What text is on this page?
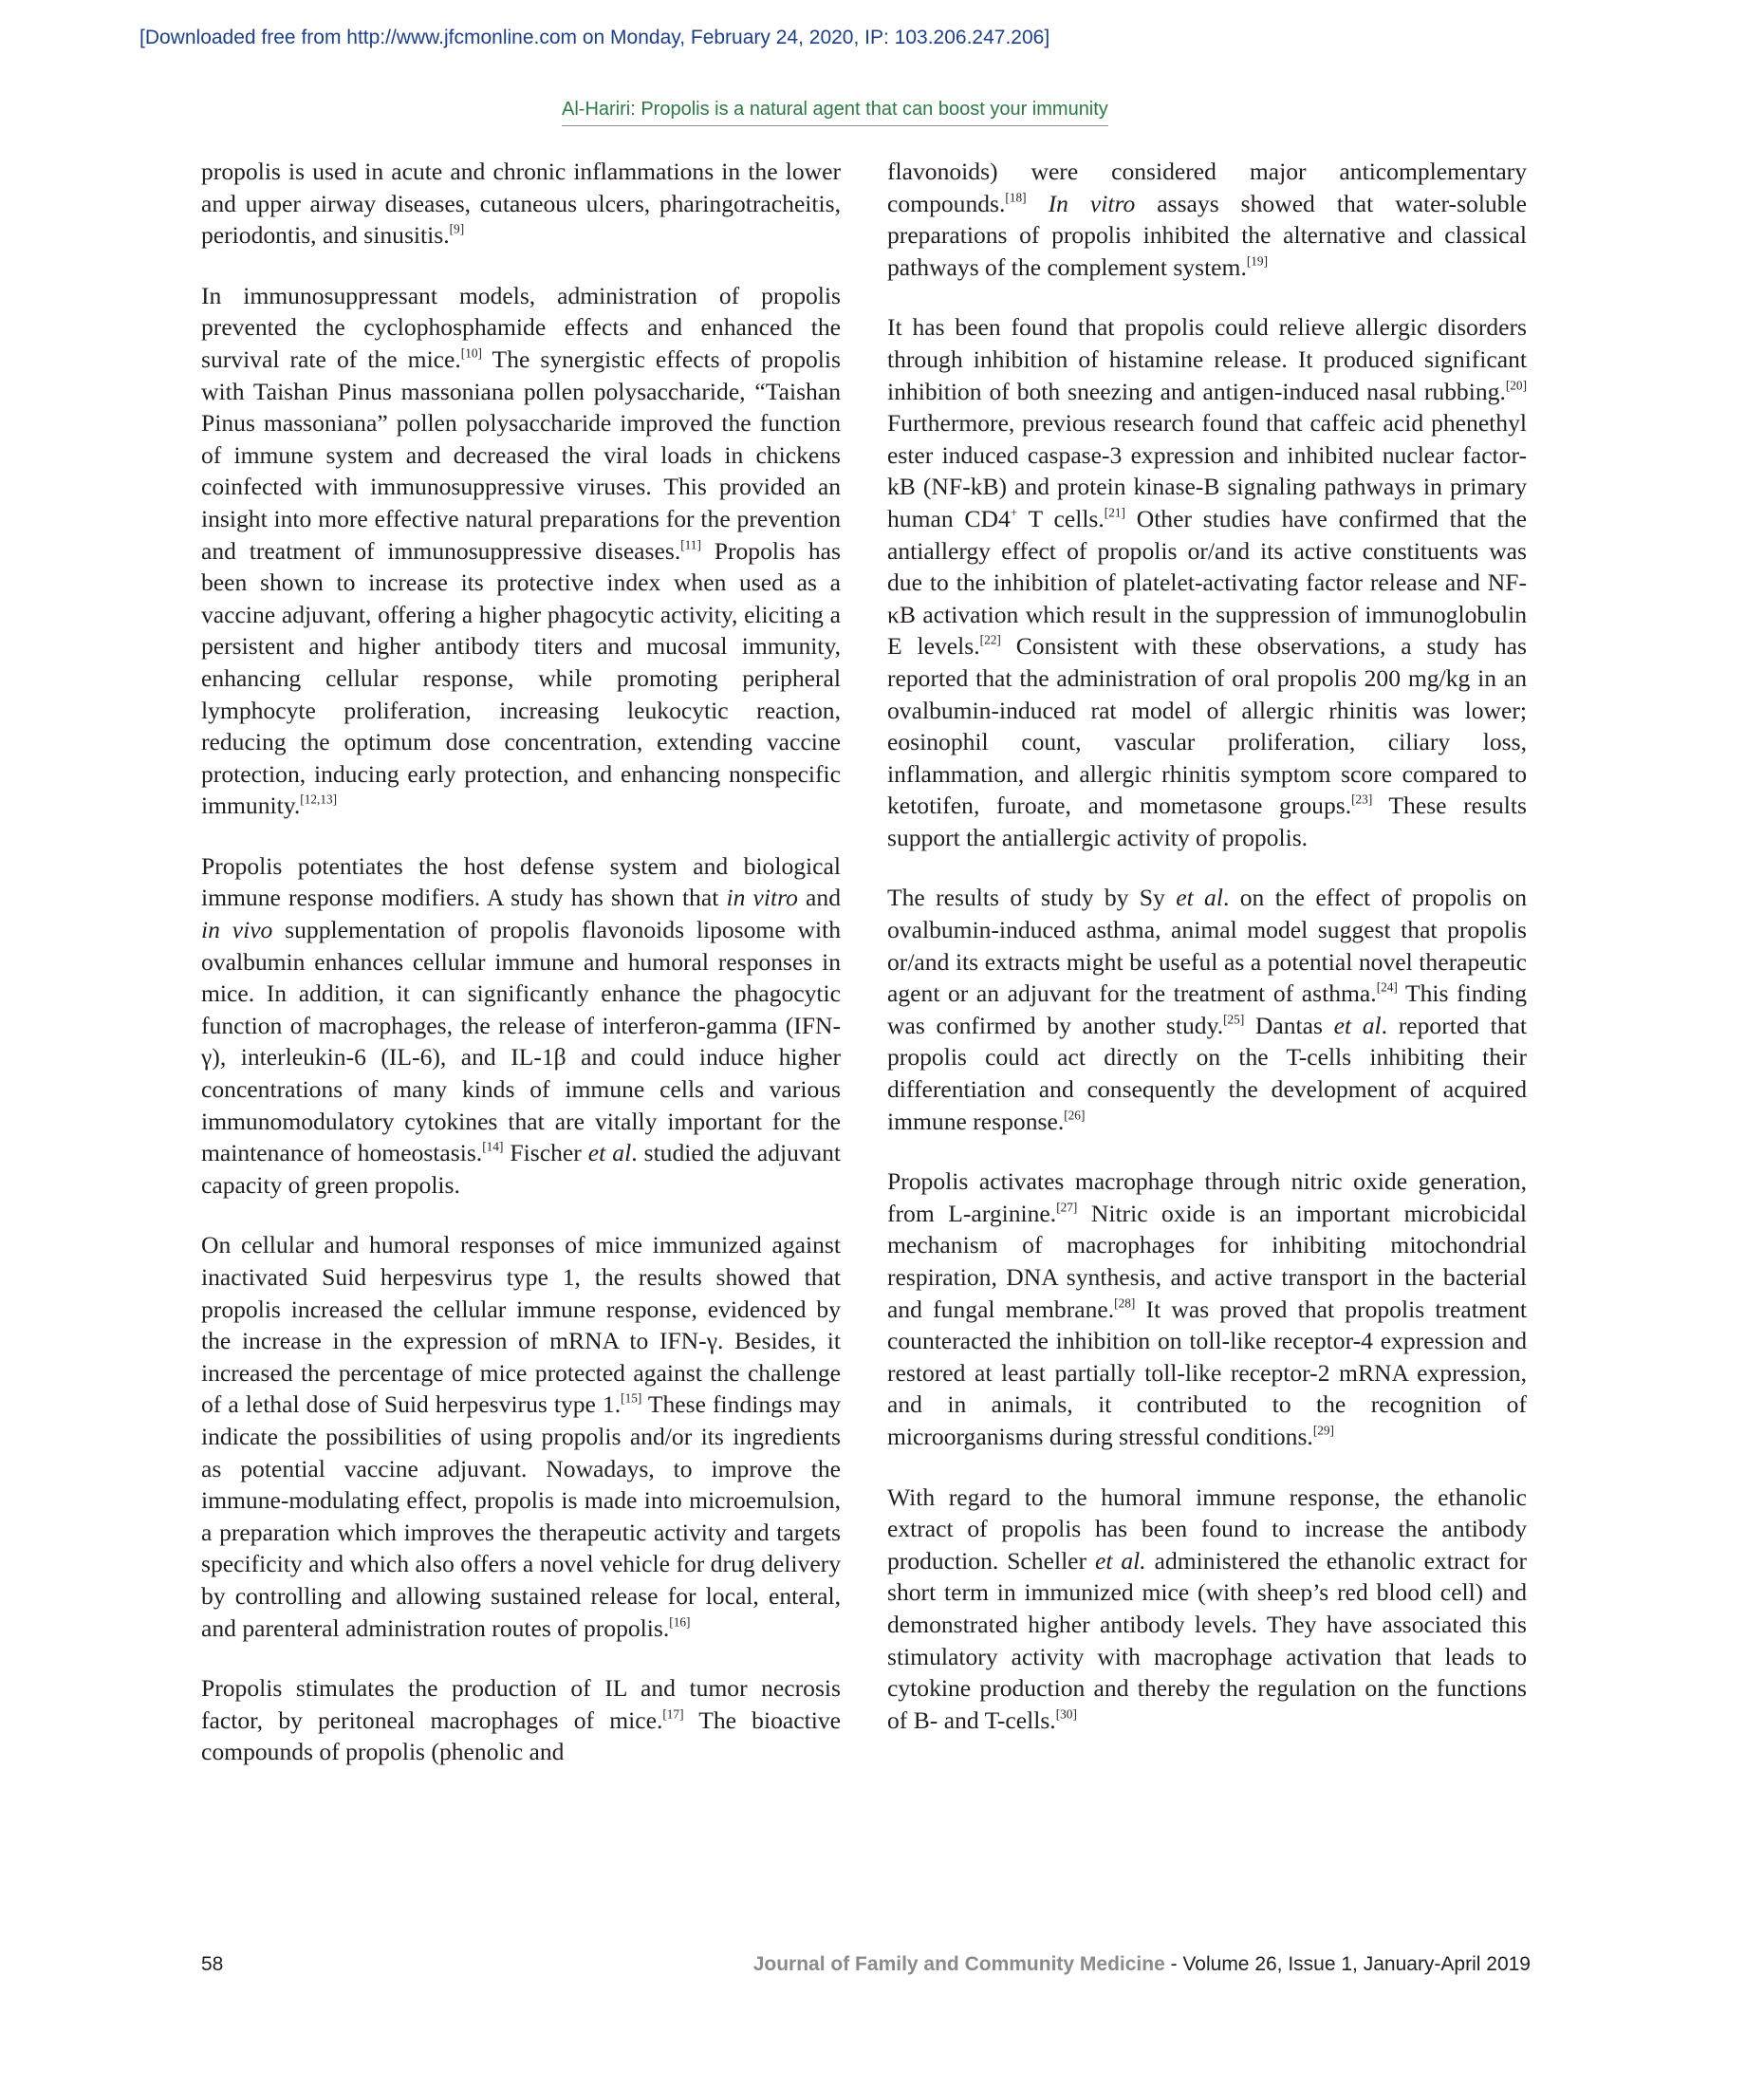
[Downloaded free from http://www.jfcmonline.com on Monday, February 24, 2020, IP: 103.206.247.206]
Al-Hariri: Propolis is a natural agent that can boost your immunity
​

propolis is used in acute and chronic inflammations in the lower and upper airway diseases, cutaneous ulcers, pharingotracheitis, periodontis, and sinusitis.[9]

In immunosuppressant models, administration of propolis prevented the cyclophosphamide effects and enhanced the survival rate of the mice.[10] The synergistic effects of propolis with Taishan Pinus massoniana pollen polysaccharide, “Taishan Pinus massoniana” pollen polysaccharide improved the function of immune system and decreased the viral loads in chickens coinfected with immunosuppressive viruses. This provided an insight into more effective natural preparations for the prevention and treatment of immunosuppressive diseases.[11] Propolis has been shown to increase its protective index when used as a vaccine adjuvant, offering a higher phagocytic activity, eliciting a persistent and higher antibody titers and mucosal immunity, enhancing cellular response, while promoting peripheral lymphocyte proliferation, increasing leukocytic reaction, reducing the optimum dose concentration, extending vaccine protection, inducing early protection, and enhancing nonspecific immunity.[12,13]

Propolis potentiates the host defense system and biological immune response modifiers. A study has shown that in vitro and in vivo supplementation of propolis flavonoids liposome with ovalbumin enhances cellular immune and humoral responses in mice. In addition, it can significantly enhance the phagocytic function of macrophages, the release of interferon-gamma (IFN-γ), interleukin-6 (IL-6), and IL-1β and could induce higher concentrations of many kinds of immune cells and various immunomodulatory cytokines that are vitally important for the maintenance of homeostasis.[14] Fischer et al. studied the adjuvant capacity of green propolis.

On cellular and humoral responses of mice immunized against inactivated Suid herpesvirus type 1, the results showed that propolis increased the cellular immune response, evidenced by the increase in the expression of mRNA to IFN-γ. Besides, it increased the percentage of mice protected against the challenge of a lethal dose of Suid herpesvirus type 1.[15] These findings may indicate the possibilities of using propolis and/or its ingredients as potential vaccine adjuvant. Nowadays, to improve the immune-modulating effect, propolis is made into microemulsion, a preparation which improves the therapeutic activity and targets specificity and which also offers a novel vehicle for drug delivery by controlling and allowing sustained release for local, enteral, and parenteral administration routes of propolis.[16]

Propolis stimulates the production of IL and tumor necrosis factor, by peritoneal macrophages of mice.[17] The bioactive compounds of propolis (phenolic and

flavonoids) were considered major anticomplementary compounds.[18] In vitro assays showed that water-soluble preparations of propolis inhibited the alternative and classical pathways of the complement system.[19]

It has been found that propolis could relieve allergic disorders through inhibition of histamine release. It produced significant inhibition of both sneezing and antigen-induced nasal rubbing.[20] Furthermore, previous research found that caffeic acid phenethyl ester induced caspase-3 expression and inhibited nuclear factor-kB (NF-kB) and protein kinase-B signaling pathways in primary human CD4+ T cells.[21] Other studies have confirmed that the antiallergy effect of propolis or/and its active constituents was due to the inhibition of platelet-activating factor release and NF-κB activation which result in the suppression of immunoglobulin E levels.[22] Consistent with these observations, a study has reported that the administration of oral propolis 200 mg/kg in an ovalbumin-induced rat model of allergic rhinitis was lower; eosinophil count, vascular proliferation, ciliary loss, inflammation, and allergic rhinitis symptom score compared to ketotifen, furoate, and mometasone groups.[23] These results support the antiallergic activity of propolis.

The results of study by Sy et al. on the effect of propolis on ovalbumin-induced asthma, animal model suggest that propolis or/and its extracts might be useful as a potential novel therapeutic agent or an adjuvant for the treatment of asthma.[24] This finding was confirmed by another study.[25] Dantas et al. reported that propolis could act directly on the T-cells inhibiting their differentiation and consequently the development of acquired immune response.[26]

Propolis activates macrophage through nitric oxide generation, from L-arginine.[27] Nitric oxide is an important microbicidal mechanism of macrophages for inhibiting mitochondrial respiration, DNA synthesis, and active transport in the bacterial and fungal membrane.[28] It was proved that propolis treatment counteracted the inhibition on toll-like receptor-4 expression and restored at least partially toll-like receptor-2 mRNA expression, and in animals, it contributed to the recognition of microorganisms during stressful conditions.[29]

With regard to the humoral immune response, the ethanolic extract of propolis has been found to increase the antibody production. Scheller et al. administered the ethanolic extract for short term in immunized mice (with sheep’s red blood cell) and demonstrated higher antibody levels. They have associated this stimulatory activity with macrophage activation that leads to cytokine production and thereby the regulation on the functions of B- and T-cells.[30]

58	Journal of Family and Community Medicine - Volume 26, Issue 1, January-April 2019
